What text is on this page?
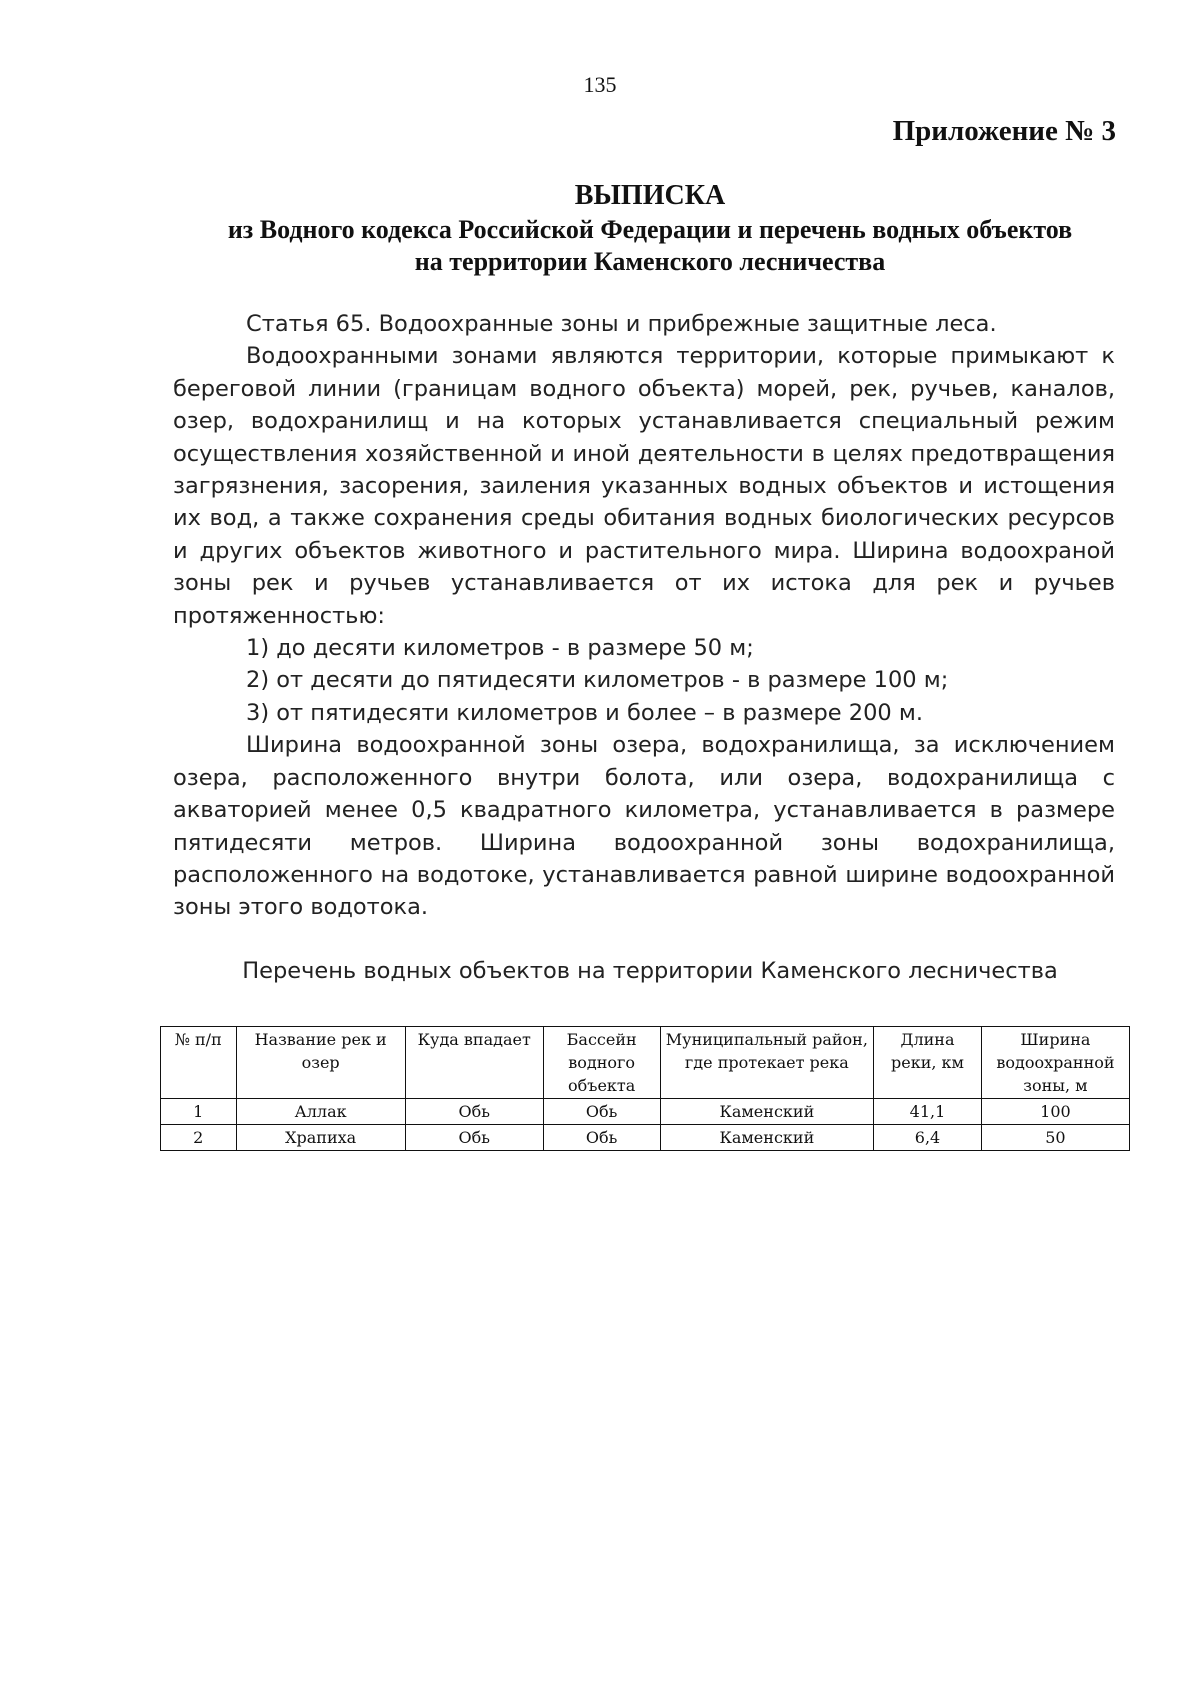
135
Приложение № 3
ВЫПИСКА
из Водного кодекса Российской Федерации и перечень водных объектов
на территории Каменского лесничества

Статья 65. Водоохранные зоны и прибрежные защитные леса.

Водоохранными зонами являются территории, которые примыкают к береговой линии (границам водного объекта) морей, рек, ручьев, каналов, озер, водохранилищ и на которых устанавливается специальный режим осуществления хозяйственной и иной деятельности в целях предотвращения загрязнения, засорения, заиления указанных водных объектов и истощения их вод, а также сохранения среды обитания водных биологических ресурсов и других объектов животного и растительного мира. Ширина водоохраной зоны рек и ручьев устанавливается от их истока для рек и ручьев протяженностью:

1) до десяти километров - в размере 50 м;

2) от десяти до пятидесяти километров - в размере 100 м;

3) от пятидесяти километров и более – в размере 200 м.

Ширина водоохранной зоны озера, водохранилища, за исключением озера, расположенного внутри болота, или озера, водохранилища с акваторией менее 0,5 квадратного километра, устанавливается в размере пятидесяти метров. Ширина водоохранной зоны водохранилища, расположенного на водотоке, устанавливается равной ширине водоохранной зоны этого водотока.

Перечень водных объектов на территории Каменского лесничества
№ п/п	Название рек и озер	Куда впадает	Бассейн водного объекта	Муниципальный район, где протекает река	Длина реки, км	Ширина водоохранной зоны, м
1	Аллак	Обь	Обь	Каменский	41,1	100
2	Храпиха	Обь	Обь	Каменский	6,4	50
